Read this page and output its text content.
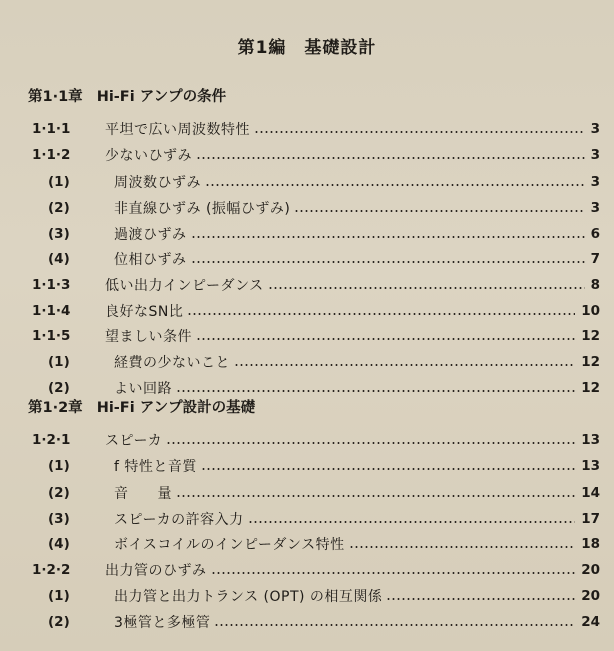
第1編　基礎設計
第1·1章 Hi-Fi アンプの条件
1·1·1 平坦で広い周波数特性	3
1·1·2 少ないひずみ	3
(1)	周波数ひずみ	3
(2)	非直線ひずみ (振幅ひずみ)	3
(3)	過渡ひずみ	6
(4)	位相ひずみ	7
1·1·3 低い出力インピーダンス	8
1·1·4 良好なSN比	10
1·1·5 望ましい条件	12
(1)	経費の少ないこと	12
(2)	よい回路	12
第1·2章 Hi-Fi アンプ設計の基礎
1·2·1 スピーカ	13
(1)	f 特性と音質	13
(2)	音　　量	14
(3)	スピーカの許容入力	17
(4)	ボイスコイルのインピーダンス特性	18
1·2·2 出力管のひずみ	20
(1)	出力管と出力トランス (OPT) の相互関係	20
(2)	3極管と多極管	24
